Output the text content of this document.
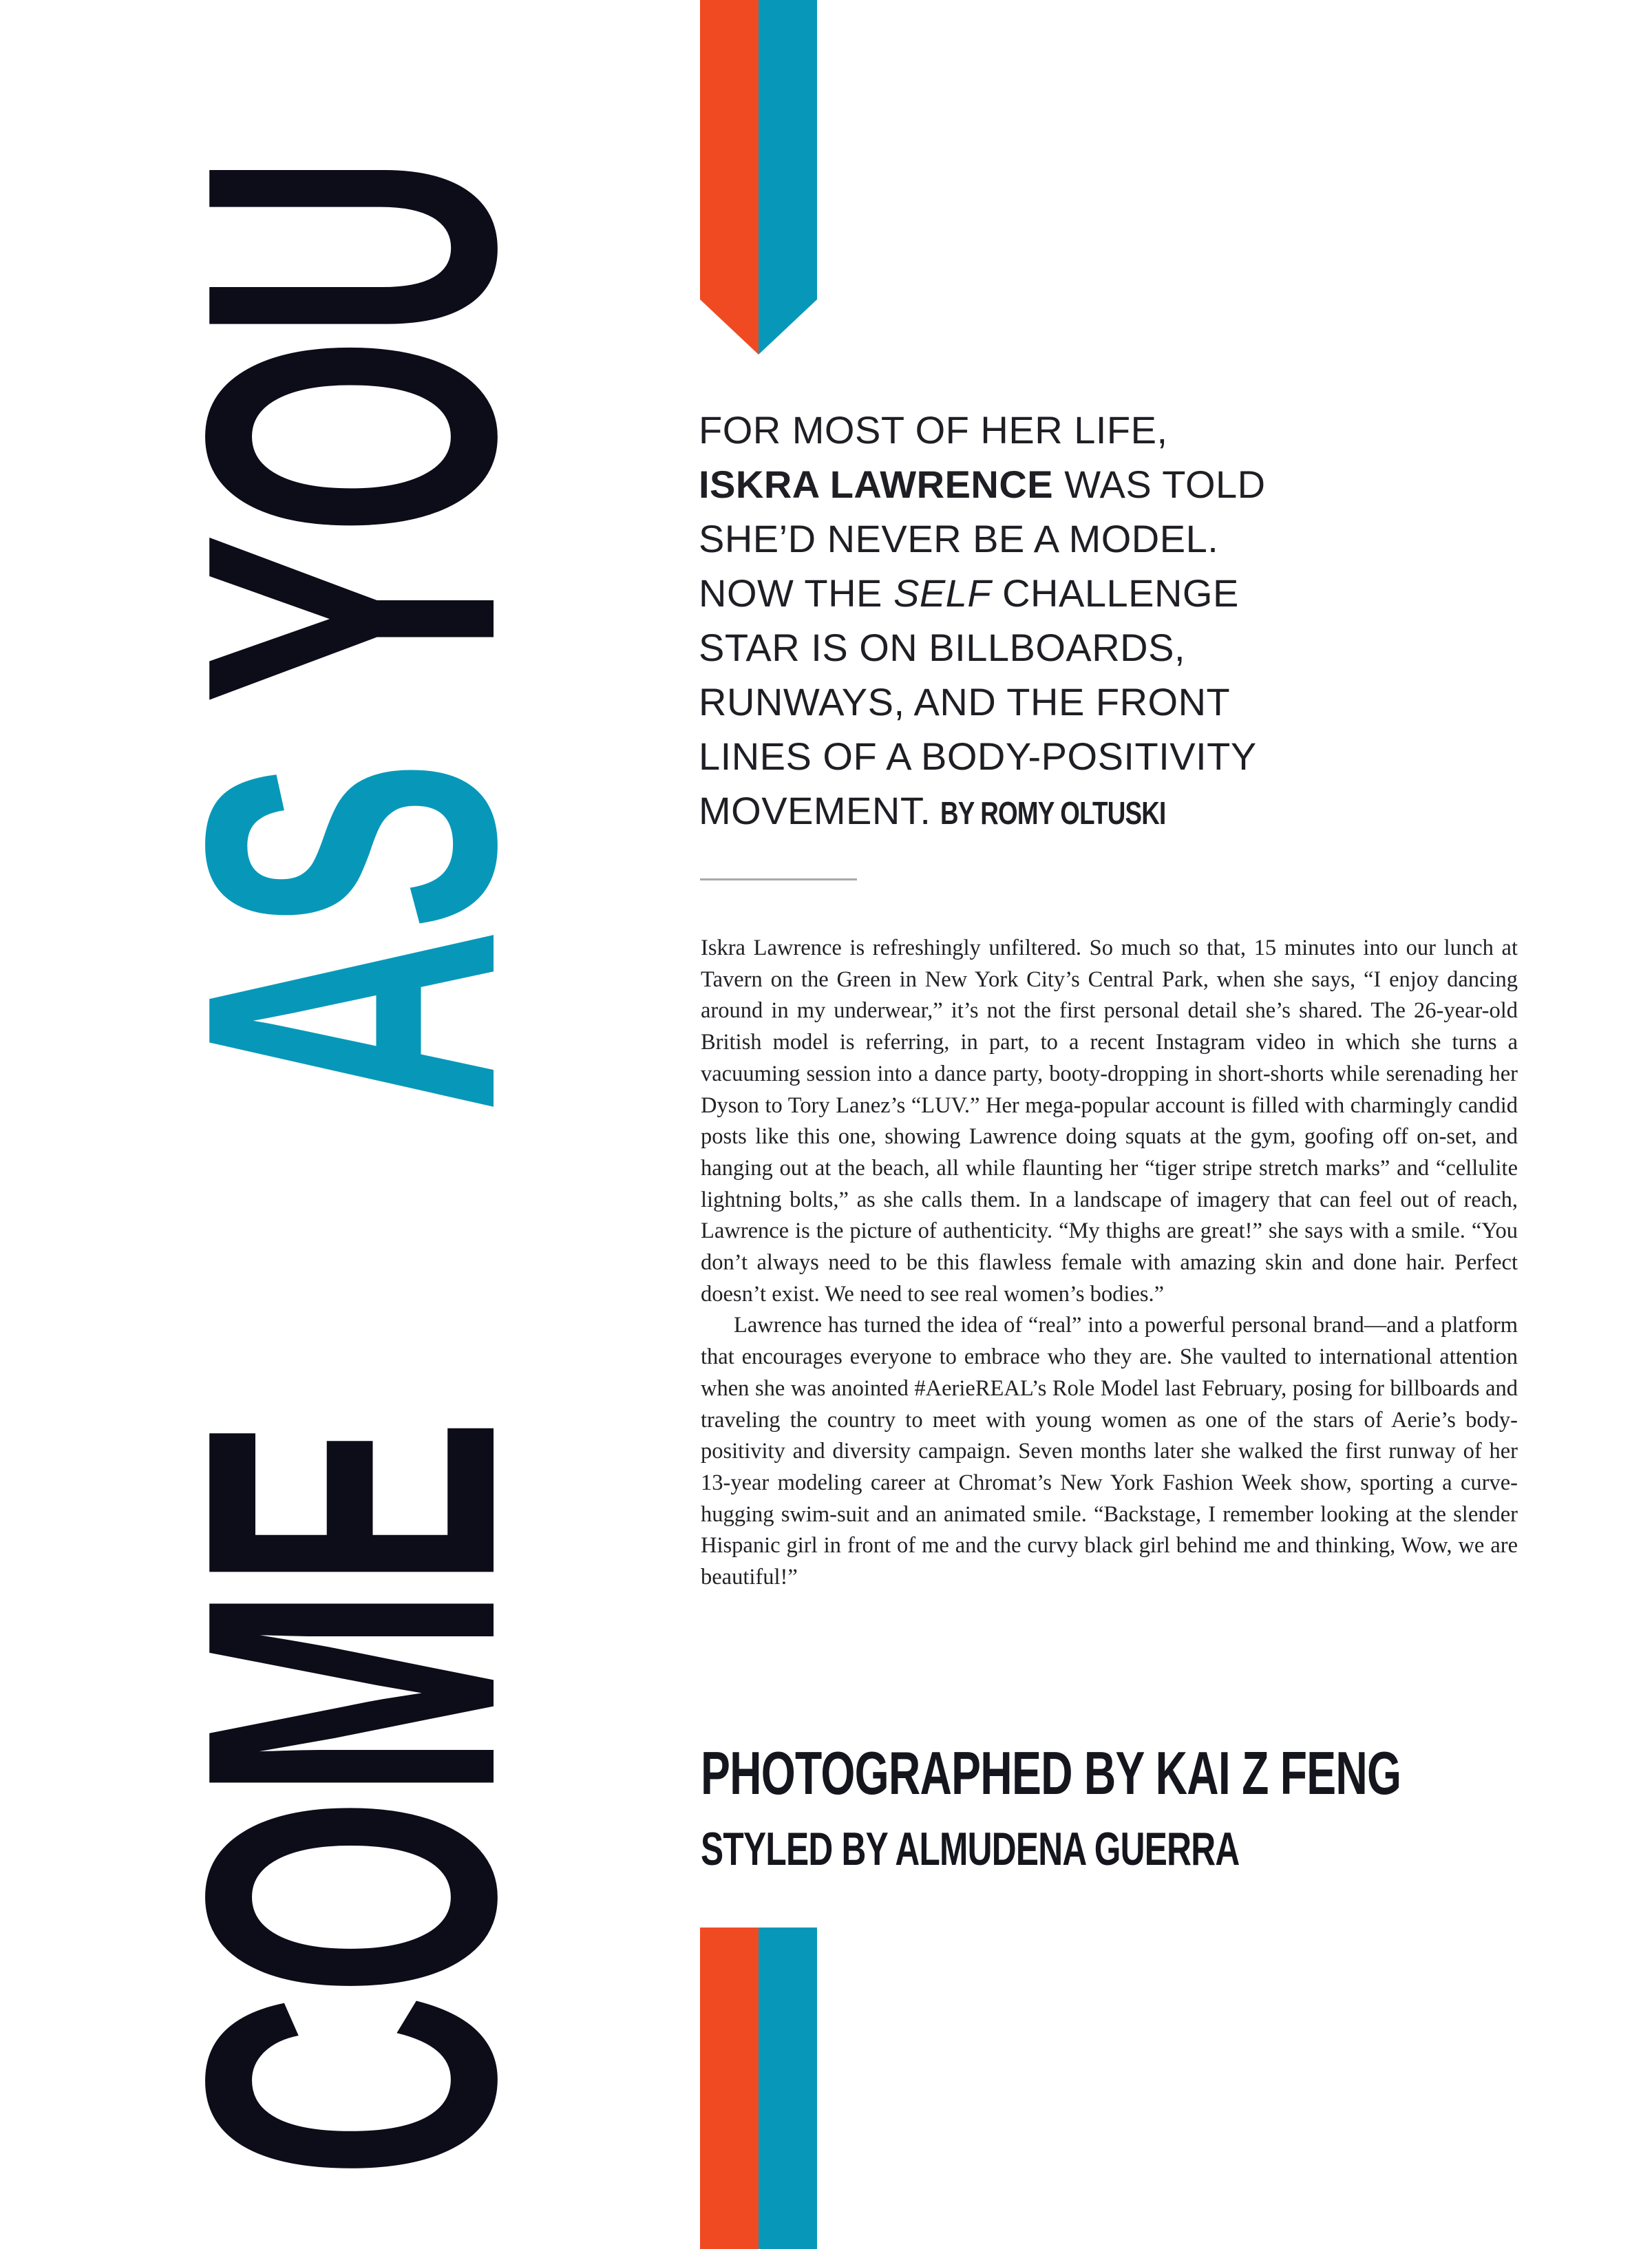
COME
AS
YOU	FOR MOST OF HER LIFE,
ISKRA LAWRENCE WAS TOLD
SHE’D NEVER BE A MODEL.
NOW THE SELF CHALLENGE
STAR IS ON BILLBOARDS,
RUNWAYS, AND THE FRONT
LINES OF A BODY-POSITIVITY
MOVEMENT. BY ROMY OLTUSKI

Iskra Lawrence is refreshingly unfiltered. So much so that, 15 minutes into our lunch at Tavern on the Green in New York City’s Central Park, when she says, “I enjoy dancing around in my underwear,” it’s not the first personal detail she’s shared. The 26-year-old British model is referring, in part, to a recent Instagram video in which she turns a vacuuming session into a dance party, booty-dropping in short-shorts while serenading her Dyson to Tory Lanez’s “LUV.” Her mega-popular account is filled with charmingly candid posts like this one, showing Lawrence doing squats at the gym, goofing off on-set, and hanging out at the beach, all while flaunting her “tiger stripe stretch marks” and “cellulite lightning bolts,” as she calls them. In a landscape of imagery that can feel out of reach, Lawrence is the picture of authenticity. “My thighs are great!” she says with a smile. “You don’t always need to be this flawless female with amazing skin and done hair. Perfect doesn’t exist. We need to see real women’s bodies.”

Lawrence has turned the idea of “real” into a powerful personal brand—and a platform that encourages everyone to embrace who they are. She vaulted to international attention when she was anointed #AerieREAL’s Role Model last February, posing for billboards and traveling the country to meet with young women as one of the stars of Aerie’s body-positivity and diversity campaign. Seven months later she walked the first runway of her 13-year modeling career at Chromat’s New York Fashion Week show, sporting a curve-hugging swim-suit and an animated smile. “Backstage, I remember looking at the slender Hispanic girl in front of me and the curvy black girl behind me and thinking, Wow, we are beautiful!”

PHOTOGRAPHED BY KAI Z FENG
STYLED BY ALMUDENA GUERRA
